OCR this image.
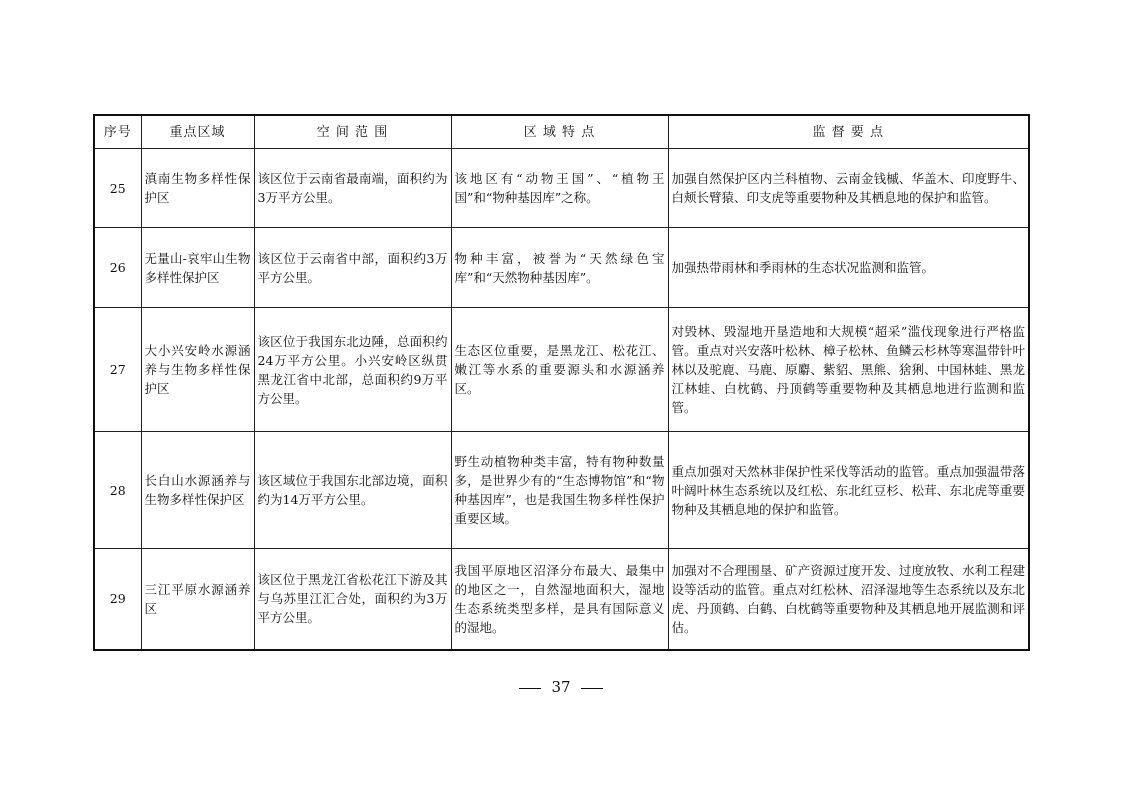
序号	重点区域	空 间 范 围	区 域 特 点	监 督 要 点
25	滇南生物多样性保护区	该区位于云南省最南端，面积约为3万平方公里。	该地区有“动物王国”、“植物王国”和“物种基因库”之称。	加强自然保护区内兰科植物、云南金钱槭、华盖木、印度野牛、白颊长臂猿、印支虎等重要物种及其栖息地的保护和监管。
26	无量山-哀牢山生物多样性保护区	该区位于云南省中部，面积约3万平方公里。	物种丰富，被誉为“天然绿色宝库”和“天然物种基因库”。	加强热带雨林和季雨林的生态状况监测和监管。
27	大小兴安岭水源涵养与生物多样性保护区	该区位于我国东北边陲，总面积约24万平方公里。小兴安岭区纵贯黑龙江省中北部，总面积约9万平方公里。	生态区位重要，是黑龙江、松花江、嫩江等水系的重要源头和水源涵养区。	对毁林、毁湿地开垦造地和大规模“超采”滥伐现象进行严格监管。重点对兴安落叶松林、樟子松林、鱼鳞云杉林等寒温带针叶林以及驼鹿、马鹿、原麝、紫貂、黑熊、猞猁、中国林蛙、黑龙江林蛙、白枕鹤、丹顶鹤等重要物种及其栖息地进行监测和监管。
28	长白山水源涵养与生物多样性保护区	该区域位于我国东北部边境，面积约为14万平方公里。	野生动植物种类丰富，特有物种数量多，是世界少有的“生态博物馆”和“物种基因库”，也是我国生物多样性保护重要区域。	重点加强对天然林非保护性采伐等活动的监管。重点加强温带落叶阔叶林生态系统以及红松、东北红豆杉、松茸、东北虎等重要物种及其栖息地的保护和监管。
29	三江平原水源涵养区	该区位于黑龙江省松花江下游及其与乌苏里江汇合处，面积约为3万平方公里。	我国平原地区沼泽分布最大、最集中的地区之一，自然湿地面积大，湿地生态系统类型多样，是具有国际意义的湿地。	加强对不合理围垦、矿产资源过度开发、过度放牧、水利工程建设等活动的监管。重点对红松林、沼泽湿地等生态系统以及东北虎、丹顶鹤、白鹤、白枕鹤等重要物种及其栖息地开展监测和评估。
37
